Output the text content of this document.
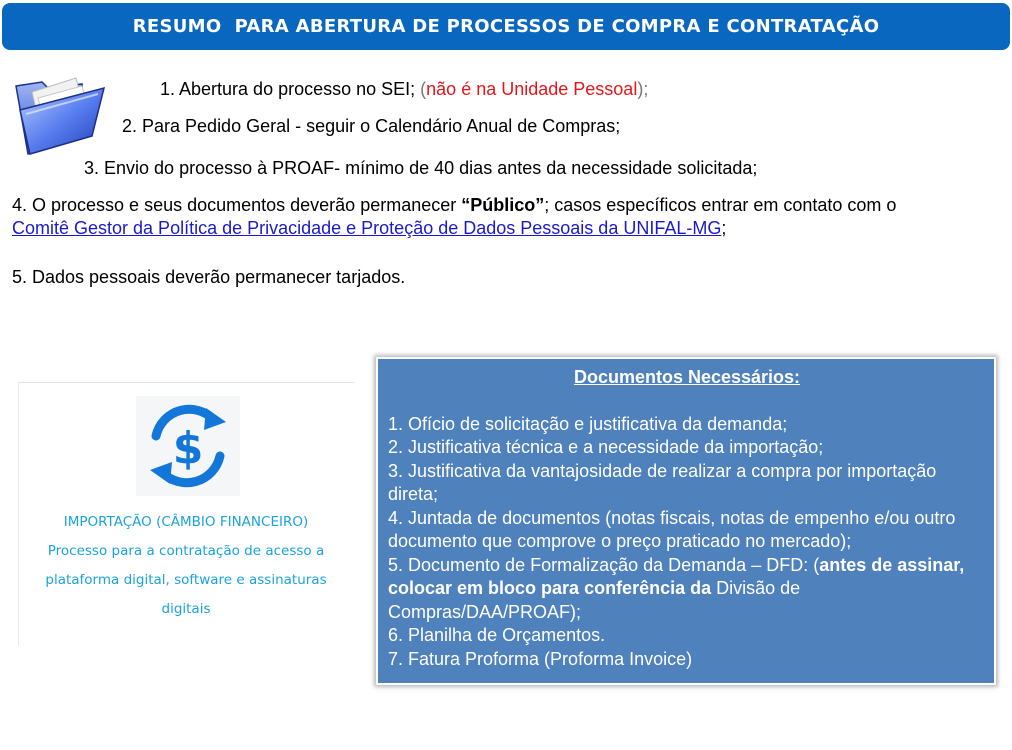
RESUMO  PARA ABERTURA DE PROCESSOS DE COMPRA E CONTRATAÇÃO
1. Abertura do processo no SEI; (não é na Unidade Pessoal);
2. Para Pedido Geral - seguir o Calendário Anual de Compras;
3. Envio do processo à PROAF- mínimo de 40 dias antes da necessidade solicitada;
4. O processo e seus documentos deverão permanecer “Público”; casos específicos entrar em contato com o
Comitê Gestor da Política de Privacidade e Proteção de Dados Pessoais da UNIFAL-MG;
5. Dados pessoais deverão permanecer tarjados.
$
IMPORTAÇÃO (CÂMBIO FINANCEIRO)
Processo para a contratação de acesso a
plataforma digital, software e assinaturas
digitais
Documentos Necessários:
1. Ofício de solicitação e justificativa da demanda;
2. Justificativa técnica e a necessidade da importação;
3. Justificativa da vantajosidade de realizar a compra por importação direta;
4. Juntada de documentos (notas fiscais, notas de empenho e/ou outro documento que comprove o preço praticado no mercado);
5. Documento de Formalização da Demanda – DFD: (antes de assinar, colocar em bloco para conferência da Divisão de Compras/DAA/PROAF);
6. Planilha de Orçamentos.
7. Fatura Proforma (Proforma Invoice)
